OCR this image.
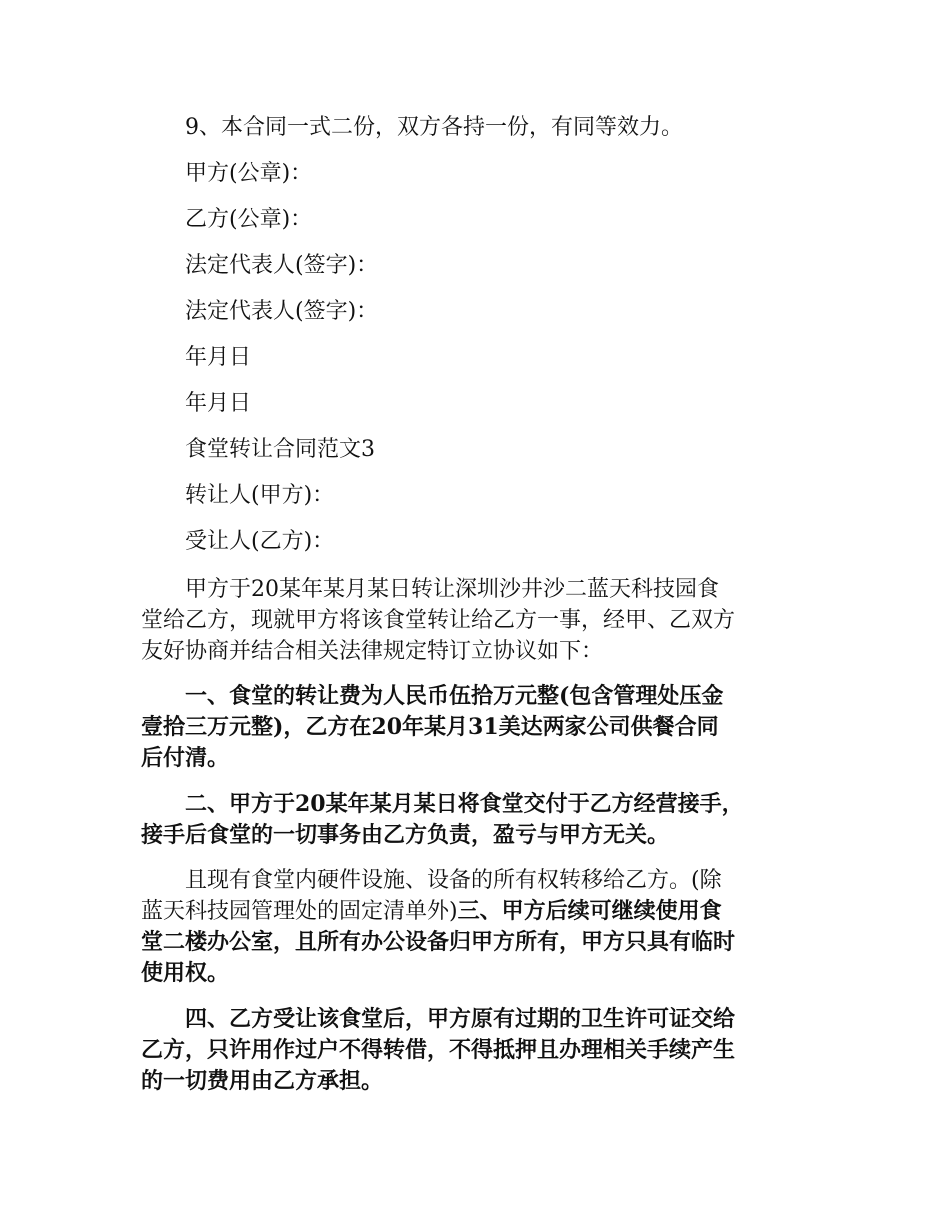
9、本合同一式二份，双方各持一份，有同等效力。

甲方(公章)：

乙方(公章)：

法定代表人(签字)：

法定代表人(签字)：

年月日

年月日

食堂转让合同范文3

转让人(甲方)：

受让人(乙方)：

甲方于20某年某月某日转让深圳沙井沙二蓝天科技园食
堂给乙方，现就甲方将该食堂转让给乙方一事，经甲、乙双方
友好协商并结合相关法律规定特订立协议如下：
一、食堂的转让费为人民币伍拾万元整(包含管理处压金
壹拾三万元整)，乙方在20年某月31美达两家公司供餐合同
后付清。
二、甲方于20某年某月某日将食堂交付于乙方经营接手，
接手后食堂的一切事务由乙方负责，盈亏与甲方无关。
且现有食堂内硬件设施、设备的所有权转移给乙方。(除
蓝天科技园管理处的固定清单外)三、甲方后续可继续使用食
堂二楼办公室，且所有办公设备归甲方所有，甲方只具有临时
使用权。
四、乙方受让该食堂后，甲方原有过期的卫生许可证交给
乙方，只许用作过户不得转借，不得抵押且办理相关手续产生
的一切费用由乙方承担。
